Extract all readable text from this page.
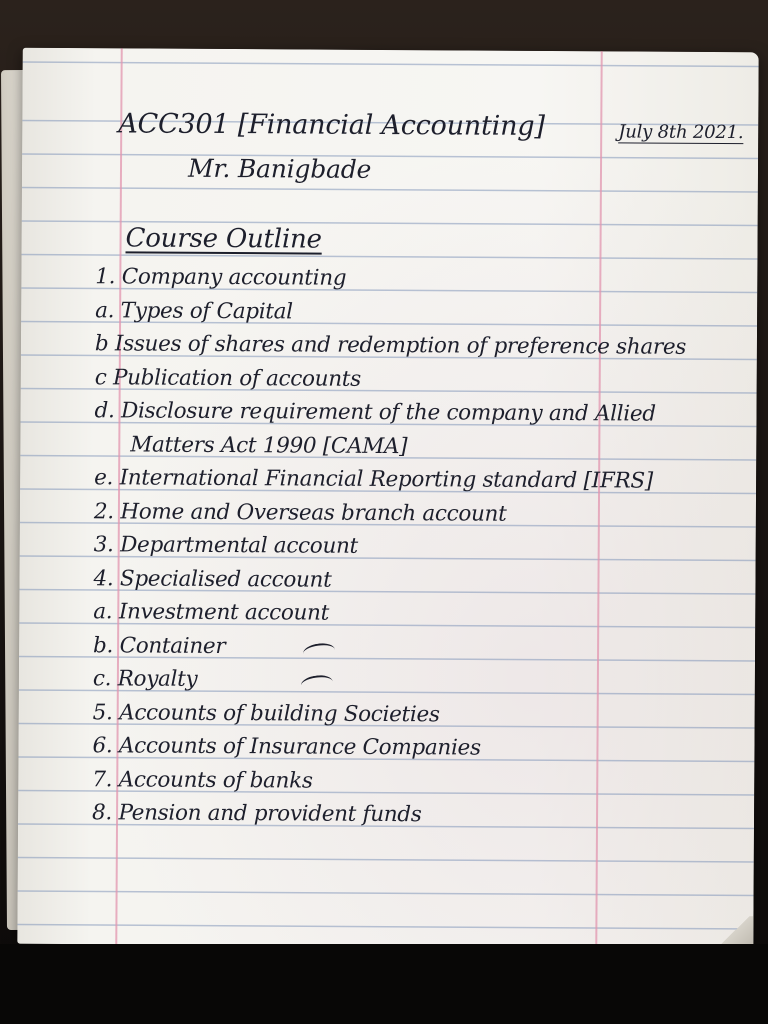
ACC301 [Financial Accounting]	July 8th 2021.
Mr. Banigbade
Course Outline
1. Company accounting
a. Types of Capital
b Issues of shares and redemption of preference shares
c Publication of accounts
d. Disclosure requirement of the company and Allied
Matters Act 1990 [CAMA]
e. International Financial Reporting standard [IFRS]
2. Home and Overseas branch account
3. Departmental account
4. Specialised account
a. Investment account
b. Container
c. Royalty
5. Accounts of building Societies
6. Accounts of Insurance Companies
7. Accounts of banks
8. Pension and provident funds
